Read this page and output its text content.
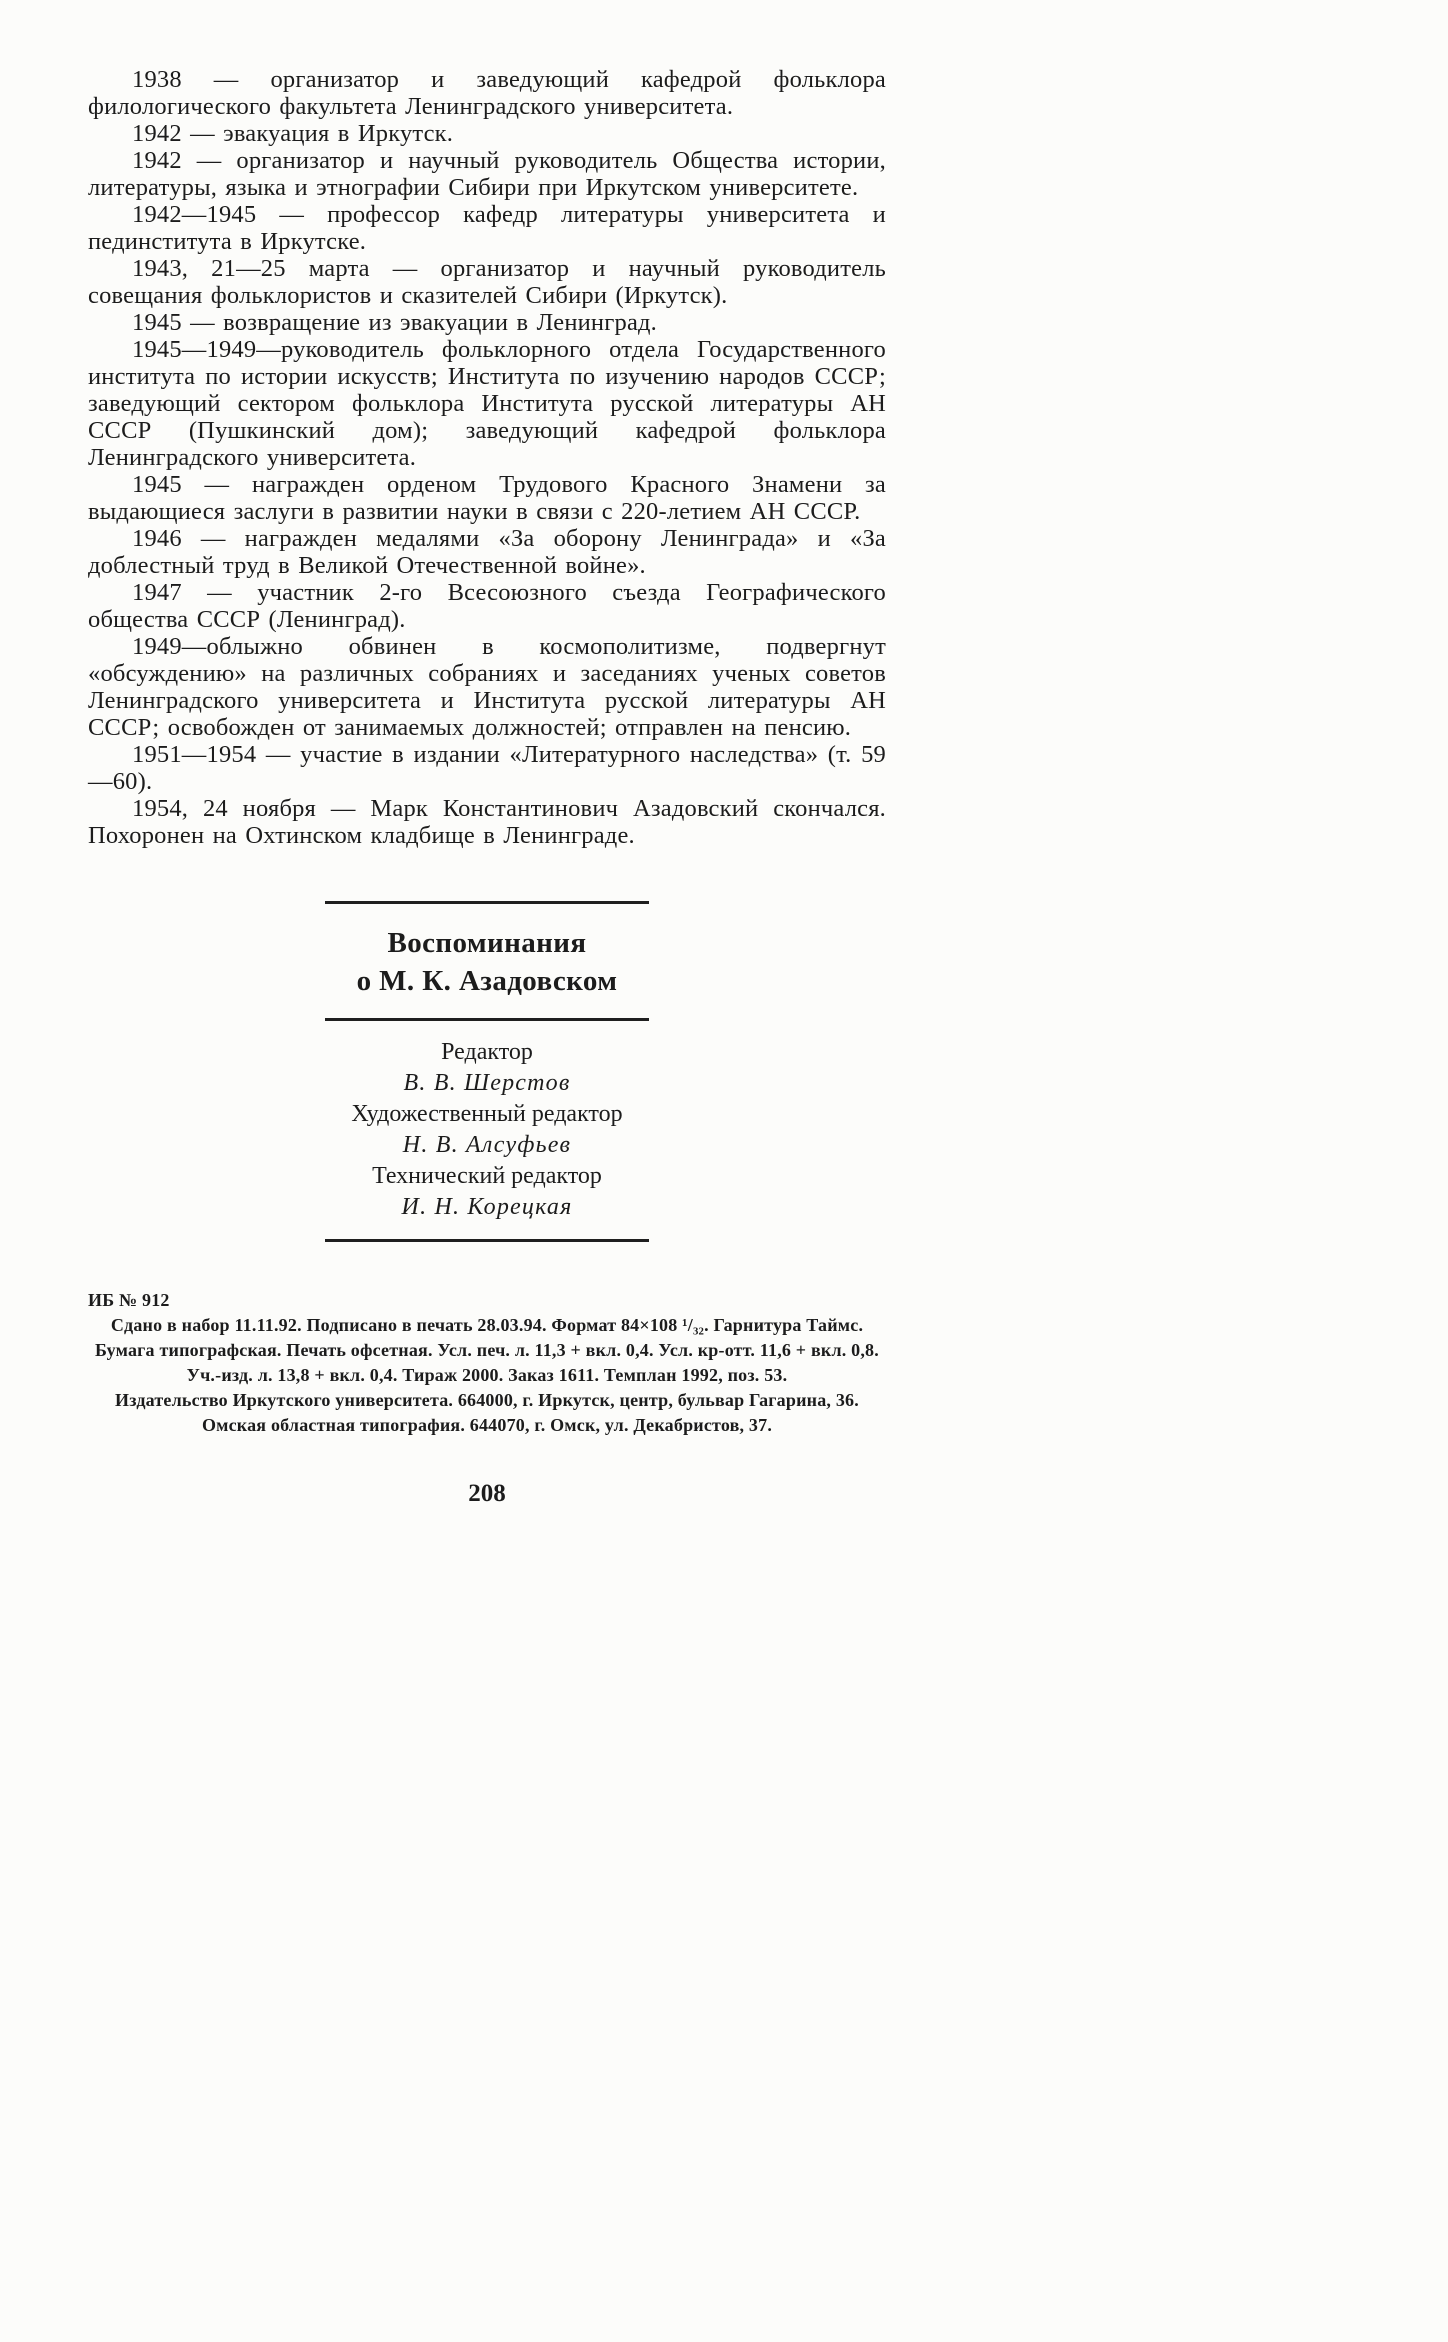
1938 — организатор и заведующий кафедрой фольклора филологического факультета Ленинградского университета.

1942 — эвакуация в Иркутск.

1942 — организатор и научный руководитель Общества истории, литературы, языка и этнографии Сибири при Иркутском университете.

1942—1945 — профессор кафедр литературы университета и пединститута в Иркутске.

1943, 21—25 марта — организатор и научный руководитель совещания фольклористов и сказителей Сибири (Иркутск).

1945 — возвращение из эвакуации в Ленинград.

1945—1949—руководитель фольклорного отдела Государственного института по истории искусств; Института по изучению народов СССР; заведующий сектором фольклора Института русской литературы АН СССР (Пушкинский дом); заведующий кафедрой фольклора Ленинградского университета.

1945 — награжден орденом Трудового Красного Знамени за выдающиеся заслуги в развитии науки в связи с 220-летием АН СССР.

1946 — награжден медалями «За оборону Ленинграда» и «За доблестный труд в Великой Отечественной войне».

1947 — участник 2-го Всесоюзного съезда Географического общества СССР (Ленинград).

1949—облыжно обвинен в космополитизме, подвергнут «обсуждению» на различных собраниях и заседаниях ученых советов Ленинградского университета и Института русской литературы АН СССР; освобожден от занимаемых должностей; отправлен на пенсию.

1951—1954 — участие в издании «Литературного наследства» (т. 59—60).

1954, 24 ноября — Марк Константинович Азадовский скончался. Похоронен на Охтинском кладбище в Ленинграде.

Воспоминания
о М. К. Азадовском
Редактор
В. В. Шерстов
Художественный редактор
Н. В. Алсуфьев
Технический редактор
И. Н. Корецкая
ИБ № 912
Сдано в набор 11.11.92. Подписано в печать 28.03.94. Формат 84×108 ¹/₃₂. Гарнитура Таймс.
Бумага типографская. Печать офсетная. Усл. печ. л. 11,3 + вкл. 0,4. Усл. кр-отт. 11,6 + вкл. 0,8.
Уч.-изд. л. 13,8 + вкл. 0,4. Тираж 2000. Заказ 1611. Темплан 1992, поз. 53.
Издательство Иркутского университета. 664000, г. Иркутск, центр, бульвар Гагарина, 36.
Омская областная типография. 644070, г. Омск, ул. Декабристов, 37.
208
